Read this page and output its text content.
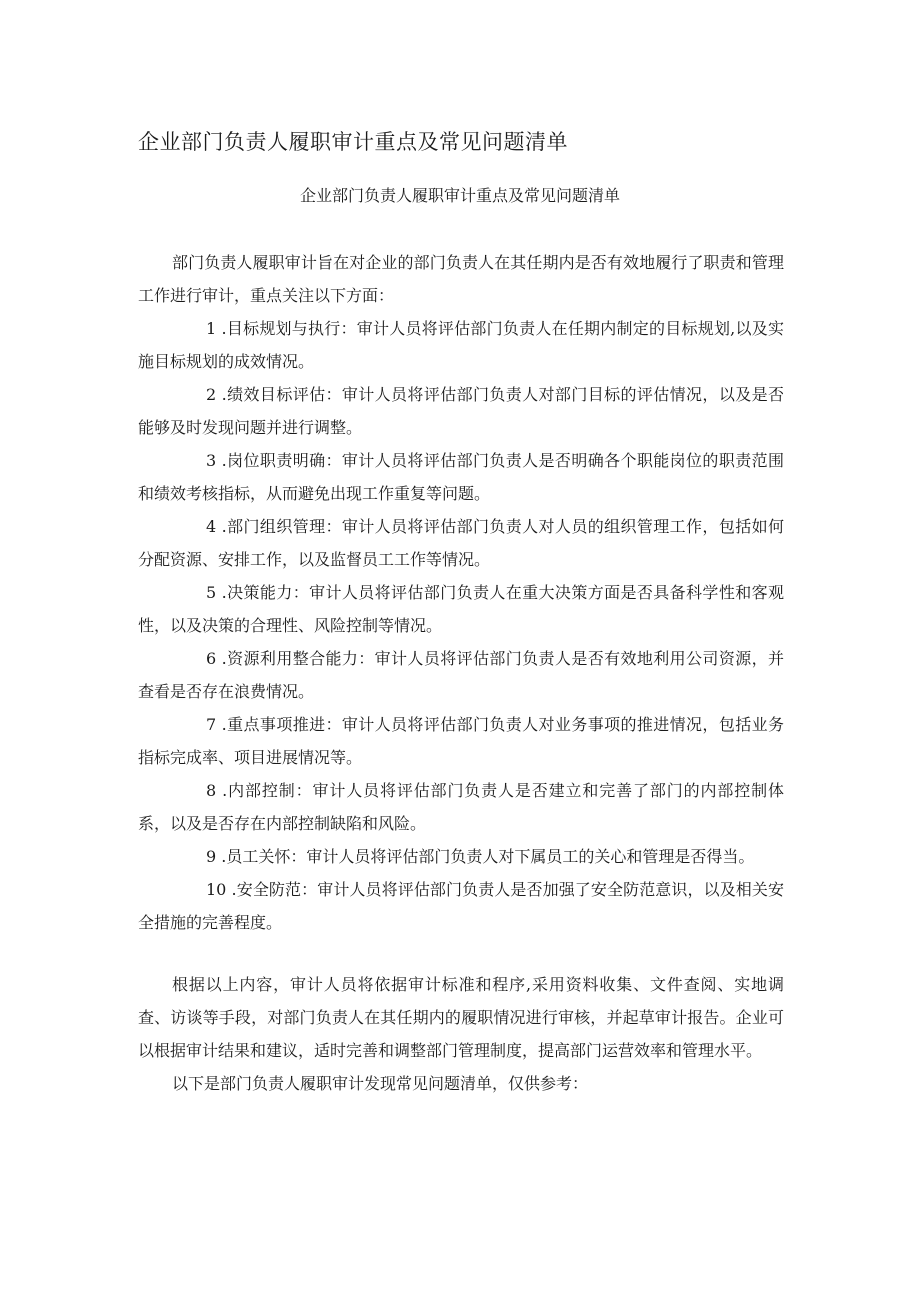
企业部门负责人履职审计重点及常见问题清单
企业部门负责人履职审计重点及常见问题清单

部门负责人履职审计旨在对企业的部门负责人在其任期内是否有效地履行了职责和管理工作进行审计，重点关注以下方面：

1 .目标规划与执行：审计人员将评估部门负责人在任期内制定的目标规划,以及实施目标规划的成效情况。
2 .绩效目标评估：审计人员将评估部门负责人对部门目标的评估情况，以及是否能够及时发现问题并进行调整。
3 .岗位职责明确：审计人员将评估部门负责人是否明确各个职能岗位的职责范围和绩效考核指标，从而避免出现工作重复等问题。
4 .部门组织管理：审计人员将评估部门负责人对人员的组织管理工作，包括如何分配资源、安排工作，以及监督员工工作等情况。
5 .决策能力：审计人员将评估部门负责人在重大决策方面是否具备科学性和客观性，以及决策的合理性、风险控制等情况。
6 .资源利用整合能力：审计人员将评估部门负责人是否有效地利用公司资源，并查看是否存在浪费情况。
7 .重点事项推进：审计人员将评估部门负责人对业务事项的推进情况，包括业务指标完成率、项目进展情况等。
8 .内部控制：审计人员将评估部门负责人是否建立和完善了部门的内部控制体系，以及是否存在内部控制缺陷和风险。
9 .员工关怀：审计人员将评估部门负责人对下属员工的关心和管理是否得当。
10 .安全防范：审计人员将评估部门负责人是否加强了安全防范意识，以及相关安全措施的完善程度。

根据以上内容，审计人员将依据审计标准和程序,采用资料收集、文件查阅、实地调查、访谈等手段，对部门负责人在其任期内的履职情况进行审核，并起草审计报告。企业可以根据审计结果和建议，适时完善和调整部门管理制度，提高部门运营效率和管理水平。

以下是部门负责人履职审计发现常见问题清单，仅供参考：
